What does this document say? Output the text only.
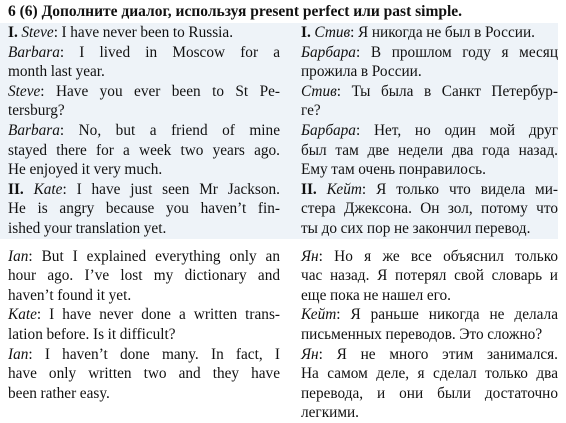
6 (6) Дополните диалог, используя present perfect или past simple.
I. Steve: I have never been to Russia.
Barbara: I lived in Moscow for a
month last year.
Steve: Have you ever been to St Pe-
tersburg?
Barbara: No, but a friend of mine
stayed there for a week two years ago.
He enjoyed it very much.
II. Kate: I have just seen Mr Jackson.
He is angry because you haven’t fin-
ished your translation yet.
I. Стив: Я никогда не был в России.
Барбара: В прошлом году я месяц
прожила в России.
Стив: Ты была в Санкт Петербур-
ге?
Барбара: Нет, но один мой друг
был там две недели два года назад.
Ему там очень понравилось.
II. Кейт: Я только что видела ми-
стера Джексона. Он зол, потому что
ты до сих пор не закончил перевод.
Ian: But I explained everything only an
hour ago. I’ve lost my dictionary and
haven’t found it yet.
Kate: I have never done a written trans-
lation before. Is it difficult?
Ian: I haven’t done many. In fact, I
have only written two and they have
been rather easy.
Ян: Но я же все объяснил только
час назад. Я потерял свой словарь и
еще пока не нашел его.
Кейт: Я раньше никогда не делала
письменных переводов. Это сложно?
Ян: Я не много этим занимался.
На самом деле, я сделал только два
перевода, и они были достаточно
легкими.
